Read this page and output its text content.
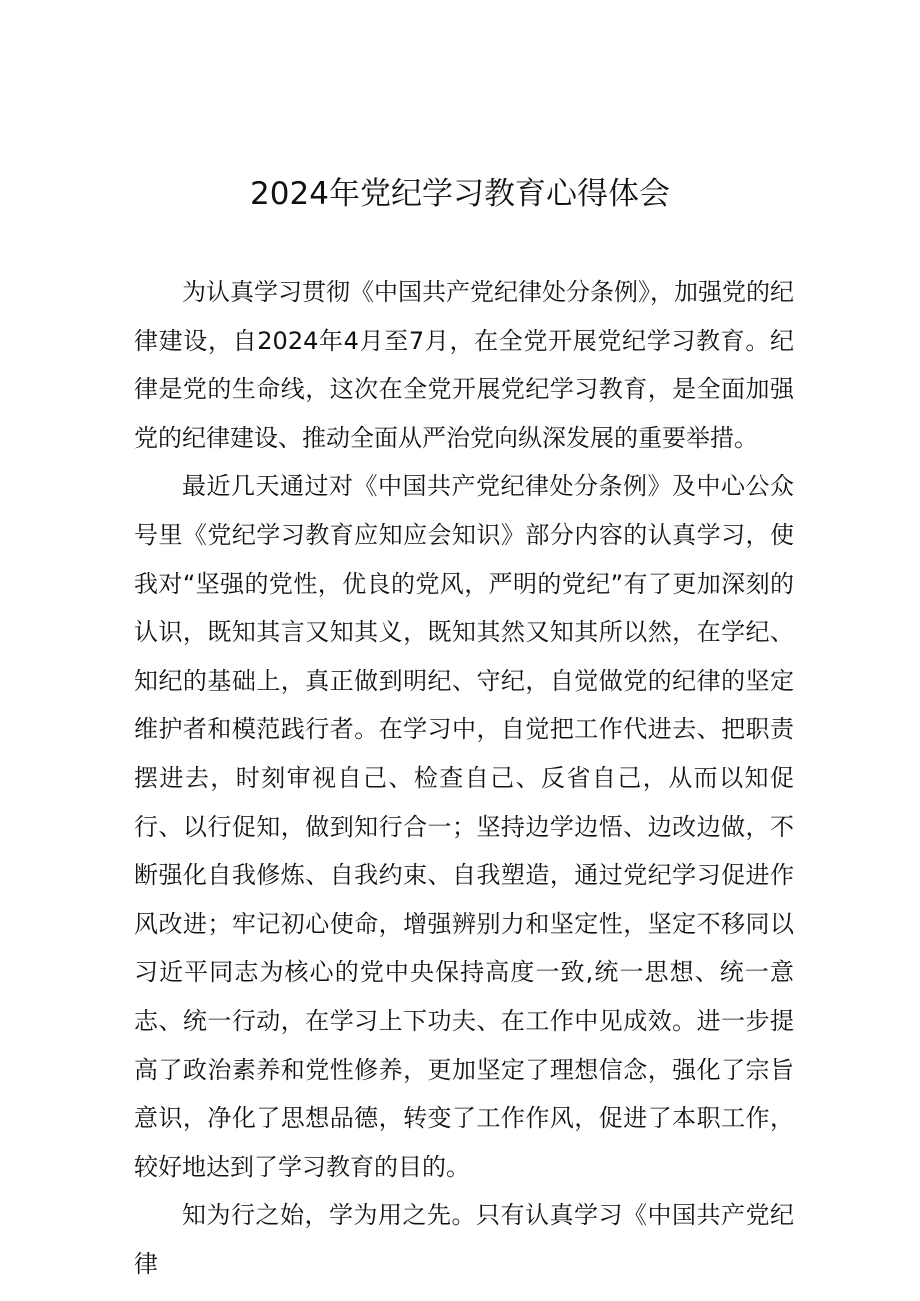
2024年党纪学习教育心得体会

为认真学习贯彻《中国共产党纪律处分条例》，加强党的纪律建设，自2024年4月至7月，在全党开展党纪学习教育。纪律是党的生命线，这次在全党开展党纪学习教育，是全面加强党的纪律建设、推动全面从严治党向纵深发展的重要举措。

最近几天通过对《中国共产党纪律处分条例》及中心公众号里《党纪学习教育应知应会知识》部分内容的认真学习，使我对“坚强的党性，优良的党风，严明的党纪”有了更加深刻的认识，既知其言又知其义，既知其然又知其所以然，在学纪、知纪的基础上，真正做到明纪、守纪，自觉做党的纪律的坚定维护者和模范践行者。在学习中，自觉把工作代进去、把职责摆进去，时刻审视自己、检查自己、反省自己，从而以知促行、以行促知，做到知行合一；坚持边学边悟、边改边做，不断强化自我修炼、自我约束、自我塑造，通过党纪学习促进作风改进；牢记初心使命，增强辨别力和坚定性，坚定不移同以习近平同志为核心的党中央保持高度一致,统一思想、统一意志、统一行动，在学习上下功夫、在工作中见成效。进一步提高了政治素养和党性修养，更加坚定了理想信念，强化了宗旨意识，净化了思想品德，转变了工作作风，促进了本职工作，较好地达到了学习教育的目的。

知为行之始，学为用之先。只有认真学习《中国共产党纪律
